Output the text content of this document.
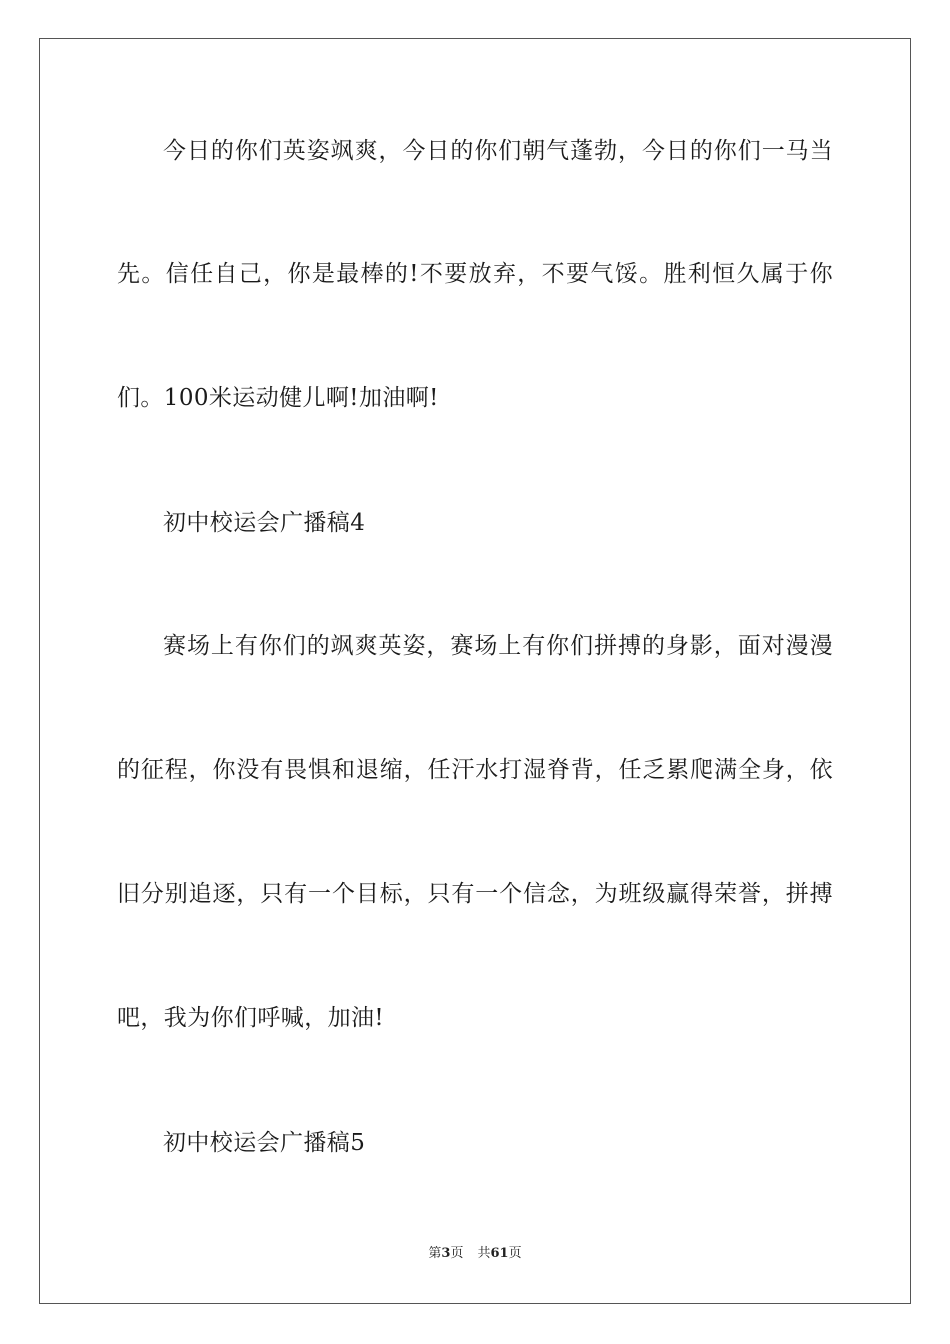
今日的你们英姿飒爽，今日的你们朝气蓬勃，今日的你们一马当
先。信任自己，你是最棒的!不要放弃，不要气馁。胜利恒久属于你
们。100米运动健儿啊!加油啊!
初中校运会广播稿4
赛场上有你们的飒爽英姿，赛场上有你们拼搏的身影，面对漫漫
的征程，你没有畏惧和退缩，任汗水打湿脊背，任乏累爬满全身，依
旧分别追逐，只有一个目标，只有一个信念，为班级赢得荣誉，拼搏
吧，我为你们呼喊，加油!
初中校运会广播稿5
第3页 共61页
